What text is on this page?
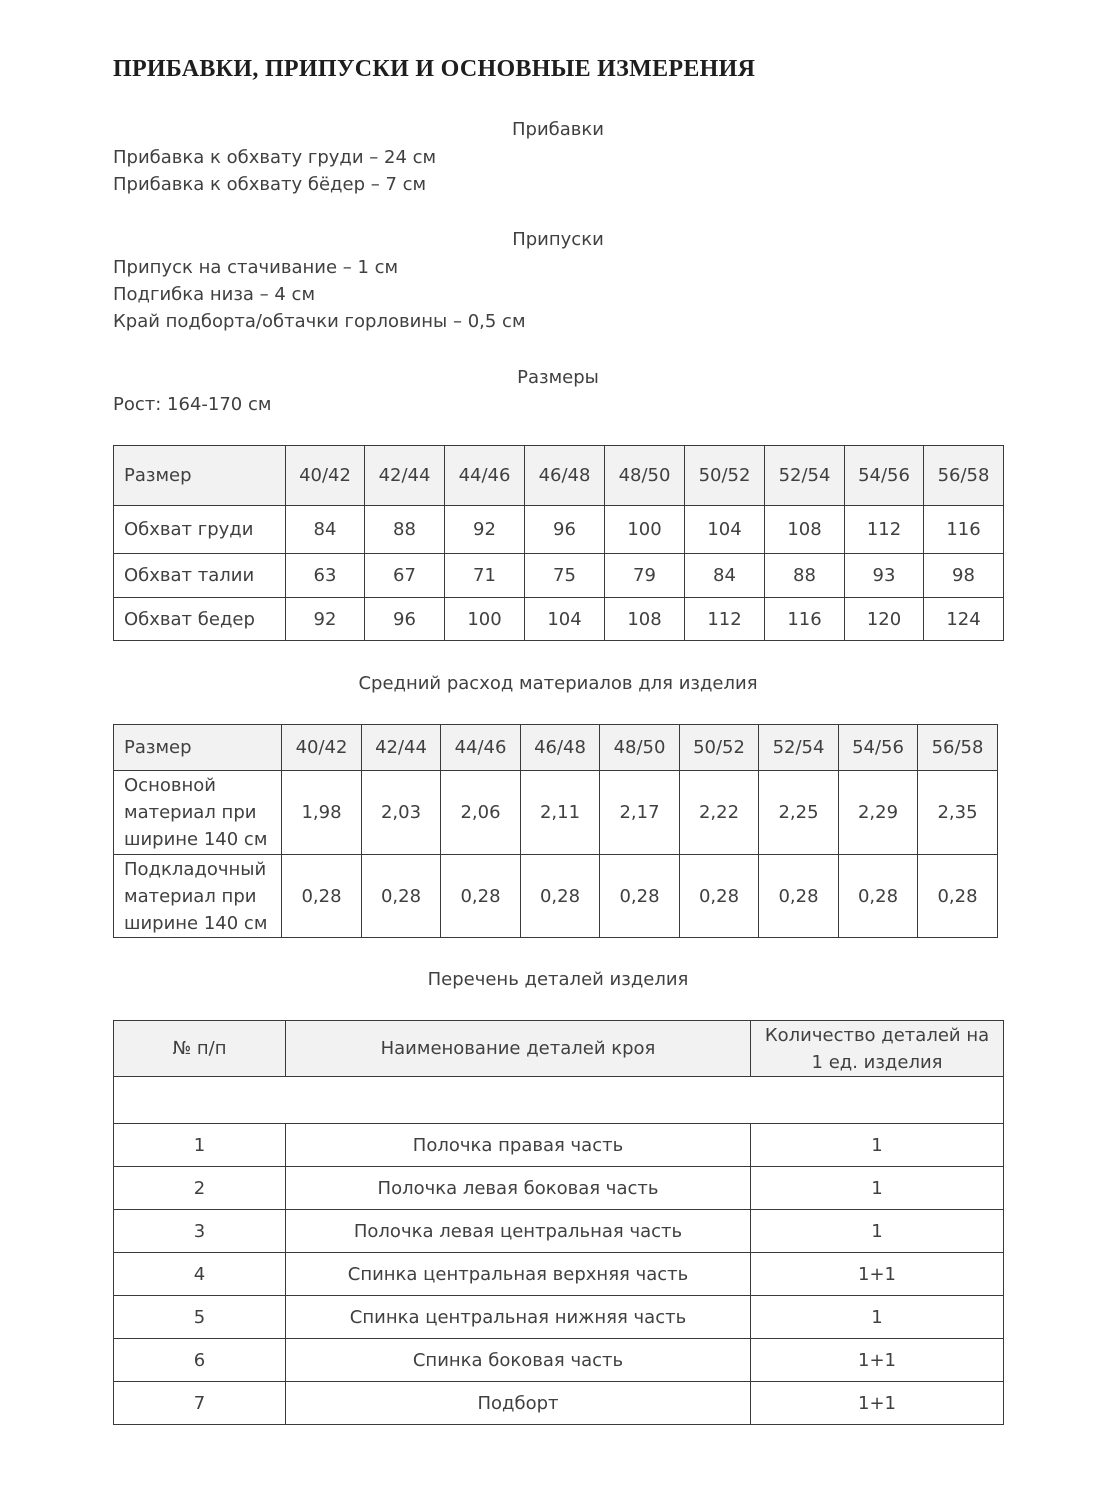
ПРИБАВКИ, ПРИПУСКИ И ОСНОВНЫЕ ИЗМЕРЕНИЯ

Прибавки

Прибавка к обхвату груди – 24 см

Прибавка к обхвату бёдер – 7 см

Припуски

Припуск на стачивание – 1 см

Подгибка низа – 4 см

Край подборта/обтачки горловины – 0,5 см

Размеры

Рост: 164-170 см

Размер	40/42	42/44	44/46	46/48	48/50	50/52	52/54	54/56	56/58
Обхват груди	84	88	92	96	100	104	108	112	116
Обхват талии	63	67	71	75	79	84	88	93	98
Обхват бедер	92	96	100	104	108	112	116	120	124

Средний расход материалов для изделия

Размер	40/42	42/44	44/46	46/48	48/50	50/52	52/54	54/56	56/58

Основной
материал при
ширине 140 см	1,98	2,03	2,06	2,11	2,17	2,22	2,25	2,29	2,35

Подкладочный
материал при
ширине 140 см	0,28	0,28	0,28	0,28	0,28	0,28	0,28	0,28	0,28

Перечень деталей изделия

№ п/п	Наименование деталей кроя	Количество деталей на
1 ед. изделия

1	Полочка правая часть	1
2	Полочка левая боковая часть	1
3	Полочка левая центральная часть	1
4	Спинка центральная верхняя часть	1+1
5	Спинка центральная нижняя часть	1
6	Спинка боковая часть	1+1
7	Подборт	1+1
